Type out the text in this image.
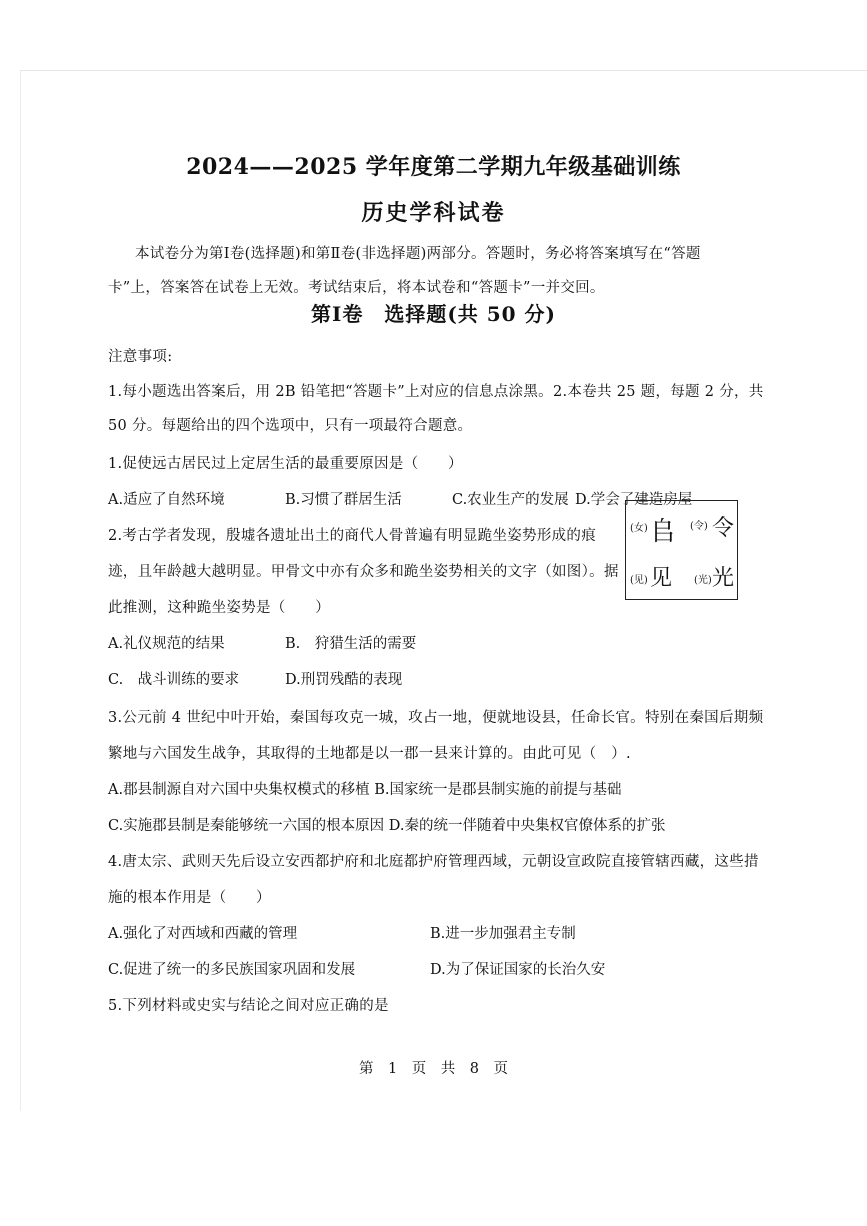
2024——2025 学年度第二学期九年级基础训练
历史学科试卷
本试卷分为第Ⅰ卷(选择题)和第Ⅱ卷(非选择题)两部分。答题时，务必将答案填写在“答题
卡”上，答案答在试卷上无效。考试结束后，将本试卷和“答题卡”一并交回。
第Ⅰ卷　选择题(共 50 分)
注意事项:
1.每小题选出答案后，用 2B 铅笔把“答题卡”上对应的信息点涂黑。2.本卷共 25 题，每题 2 分，共
50 分。每题给出的四个选项中，只有一项最符合题意。
1.促使远古居民过上定居生活的最重要原因是（　　）
A.适应了自然环境	B.习惯了群居生活	C.农业生产的发展 D.学会了建造房屋
2.考古学者发现，殷墟各遗址出土的商代人骨普遍有明显跪坐姿势形成的痕
迹，且年龄越大越明显。甲骨文中亦有众多和跪坐姿势相关的文字（如图）。据
此推测，这种跪坐姿势是（　　）
(女) 𠂤 (令) 令
(见) 见 (光) 光
A.礼仪规范的结果	B.　狩猎生活的需要
C.　战斗训练的要求	D.刑罚残酷的表现
3.公元前 4 世纪中叶开始，秦国每攻克一城，攻占一地，便就地设县，任命长官。特别在秦国后期频
繁地与六国发生战争，其取得的土地都是以一郡一县来计算的。由此可见（　）.
A.郡县制源自对六国中央集权模式的移植 B.国家统一是郡县制实施的前提与基础
C.实施郡县制是秦能够统一六国的根本原因 D.秦的统一伴随着中央集权官僚体系的扩张
4.唐太宗、武则天先后设立安西都护府和北庭都护府管理西域，元朝设宣政院直接管辖西藏，这些措
施的根本作用是（　　）
A.强化了对西域和西藏的管理	B.进一步加强君主专制
C.促进了统一的多民族国家巩固和发展	D.为了保证国家的长治久安
5.下列材料或史实与结论之间对应正确的是
第　1　页　共　8　页
